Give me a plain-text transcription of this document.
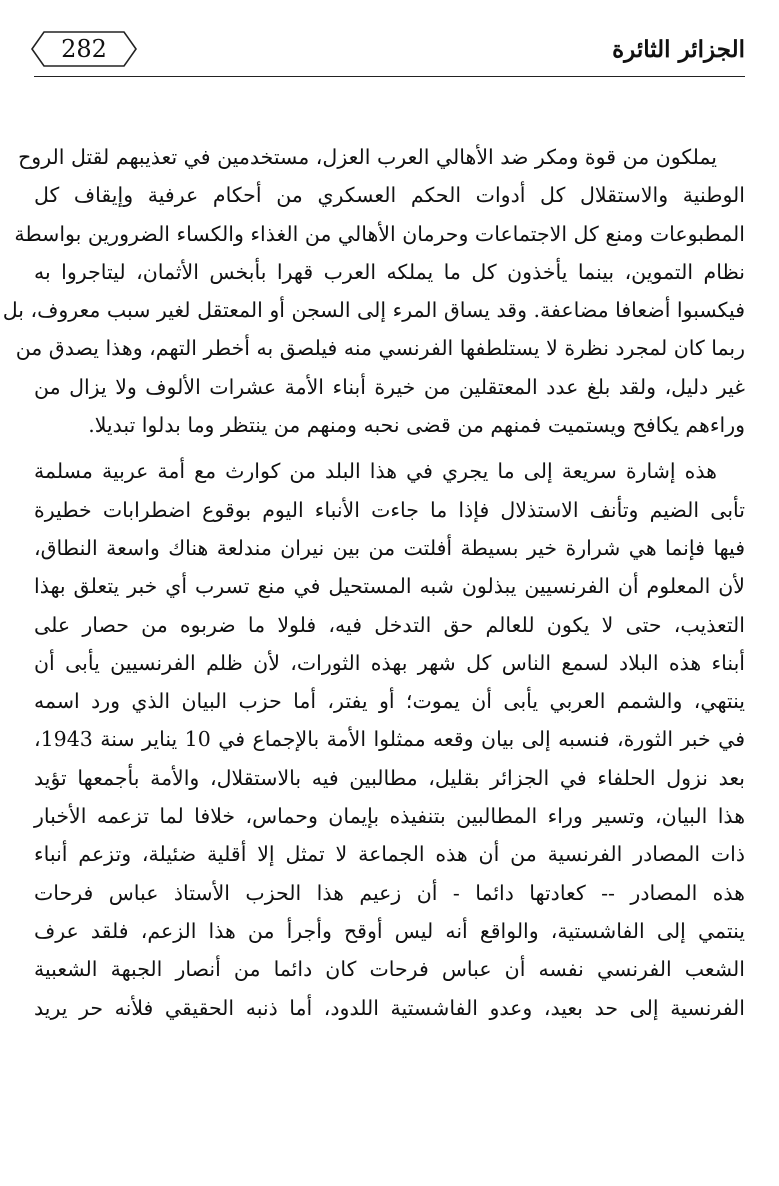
282	الجزائر الثائرة

يملكون من قوة ومكر ضد الأهالي العرب العزل، مستخدمين في تعذيبهم لقتل الروح
الوطنية والاستقلال كل أدوات الحكم العسكري من أحكام عرفية وإيقاف كل
المطبوعات ومنع كل الاجتماعات وحرمان الأهالي من الغذاء والكساء الضرورين بواسطة
نظام التموين، بينما يأخذون كل ما يملكه العرب قهرا بأبخس الأثمان، ليتاجروا به
فيكسبوا أضعافا مضاعفة. وقد يساق المرء إلى السجن أو المعتقل لغير سبب معروف، بل
ربما كان لمجرد نظرة لا يستلطفها الفرنسي منه فيلصق به أخطر التهم، وهذا يصدق من
غير دليل، ولقد بلغ عدد المعتقلين من خيرة أبناء الأمة عشرات الألوف ولا يزال من
وراءهم يكافح ويستميت فمنهم من قضى نحبه ومنهم من ينتظر وما بدلوا تبديلا.

هذه إشارة سريعة إلى ما يجري في هذا البلد من كوارث مع أمة عربية مسلمة
تأبى الضيم وتأنف الاستذلال فإذا ما جاءت الأنباء اليوم بوقوع اضطرابات خطيرة
فيها فإنما هي شرارة خير بسيطة أفلتت من بين نيران مندلعة هناك واسعة النطاق،
لأن المعلوم أن الفرنسيين يبذلون شبه المستحيل في منع تسرب أي خبر يتعلق بهذا
التعذيب، حتى لا يكون للعالم حق التدخل فيه، فلولا ما ضربوه من حصار على
أبناء هذه البلاد لسمع الناس كل شهر بهذه الثورات، لأن ظلم الفرنسيين يأبى أن
ينتهي، والشمم العربي يأبى أن يموت؛ أو يفتر، أما حزب البيان الذي ورد اسمه
في خبر الثورة، فنسبه إلى بيان وقعه ممثلوا الأمة بالإجماع في 10 يناير سنة 1943،
بعد نزول الحلفاء في الجزائر بقليل، مطالبين فيه بالاستقلال، والأمة بأجمعها تؤيد
هذا البيان، وتسير وراء المطالبين بتنفيذه بإيمان وحماس، خلافا لما تزعمه الأخبار
ذات المصادر الفرنسية من أن هذه الجماعة لا تمثل إلا أقلية ضئيلة، وتزعم أنباء
هذه المصادر -- كعادتها دائما - أن زعيم هذا الحزب الأستاذ عباس فرحات
ينتمي إلى الفاشستية، والواقع أنه ليس أوقح وأجرأ من هذا الزعم، فلقد عرف
الشعب الفرنسي نفسه أن عباس فرحات كان دائما من أنصار الجبهة الشعبية
الفرنسية إلى حد بعيد، وعدو الفاشستية اللدود، أما ذنبه الحقيقي فلأنه حر يريد
